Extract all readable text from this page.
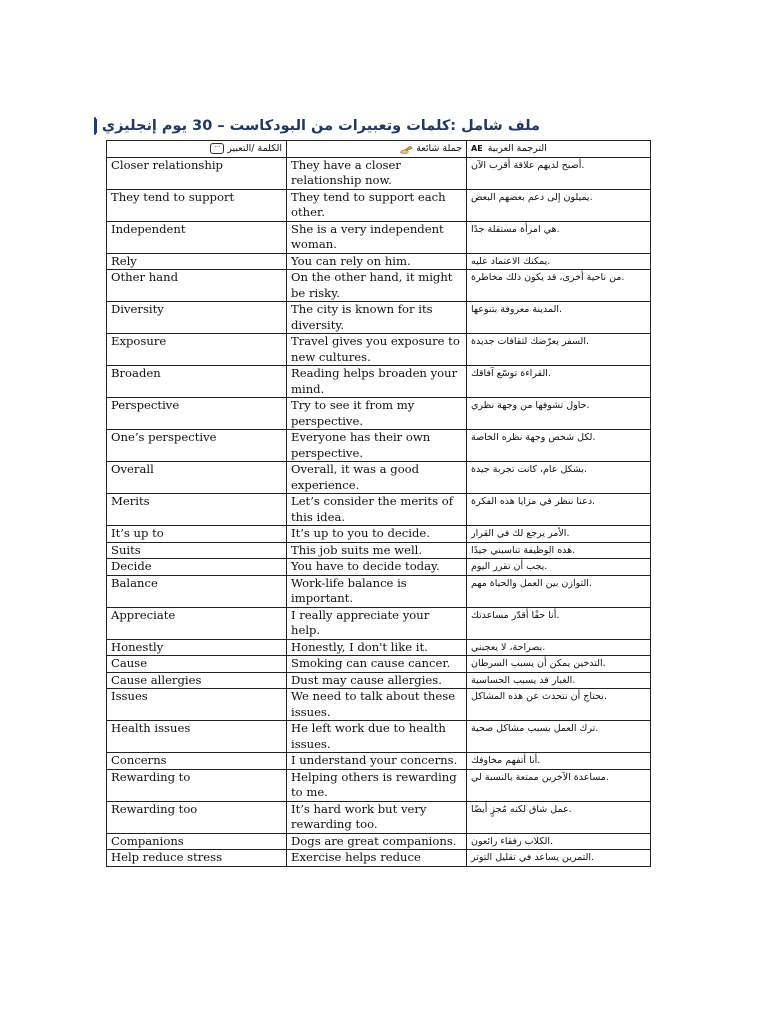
ملف شامل :كلمات وتعبيرات من البودكاست – 30 يوم إنجليزي
الكلمة /التعبير ···	جملة شائعة	AE الترجمة العربية
Closer relationship	They have a closer relationship now.	.أصبح لديهم علاقة أقرب الآن
They tend to support	They tend to support each other.	.يميلون إلى دعم بعضهم البعض
Independent	She is a very independent woman.	.هي امرأة مستقلة جدًا
Rely	You can rely on him.	.يمكنك الاعتماد عليه
Other hand	On the other hand, it might be risky.	.من ناحية أخرى، قد يكون ذلك مخاطرة
Diversity	The city is known for its diversity.	.المدينة معروفة بتنوعها
Exposure	Travel gives you exposure to new cultures.	.السفر يعرّضك لثقافات جديدة
Broaden	Reading helps broaden your mind.	.القراءة توسّع آفاقك
Perspective	Try to see it from my perspective.	.حاول تشوفها من وجهة نظري
One’s perspective	Everyone has their own perspective.	.لكل شخص وجهة نظره الخاصة
Overall	Overall, it was a good experience.	.بشكل عام، كانت تجربة جيدة
Merits	Let’s consider the merits of this idea.	.دعنا ننظر في مزايا هذه الفكرة
It’s up to	It’s up to you to decide.	.الأمر يرجع لك في القرار
Suits	This job suits me well.	.هذه الوظيفة تناسبني جيدًا
Decide	You have to decide today.	.يجب أن تقرر اليوم
Balance	Work-life balance is important.	.التوازن بين العمل والحياة مهم
Appreciate	I really appreciate your help.	.أنا حقًا أقدّر مساعدتك
Honestly	Honestly, I don't like it.	.بصراحة، لا يعجبني
Cause	Smoking can cause cancer.	.التدخين يمكن أن يسبب السرطان
Cause allergies	Dust may cause allergies.	.الغبار قد يسبب الحساسية
Issues	We need to talk about these issues.	.نحتاج أن نتحدث عن هذه المشاكل
Health issues	He left work due to health issues.	.ترك العمل بسبب مشاكل صحية
Concerns	I understand your concerns.	.أنا أتفهم مخاوفك
Rewarding to	Helping others is rewarding to me.	.مساعدة الآخرين ممتعة بالنسبة لي
Rewarding too	It’s hard work but very rewarding too.	.عمل شاق لكنه مُجزٍ أيضًا
Companions	Dogs are great companions.	.الكلاب رفقاء رائعون
Help reduce stress	Exercise helps reduce	.التمرين يساعد في تقليل التوتر
